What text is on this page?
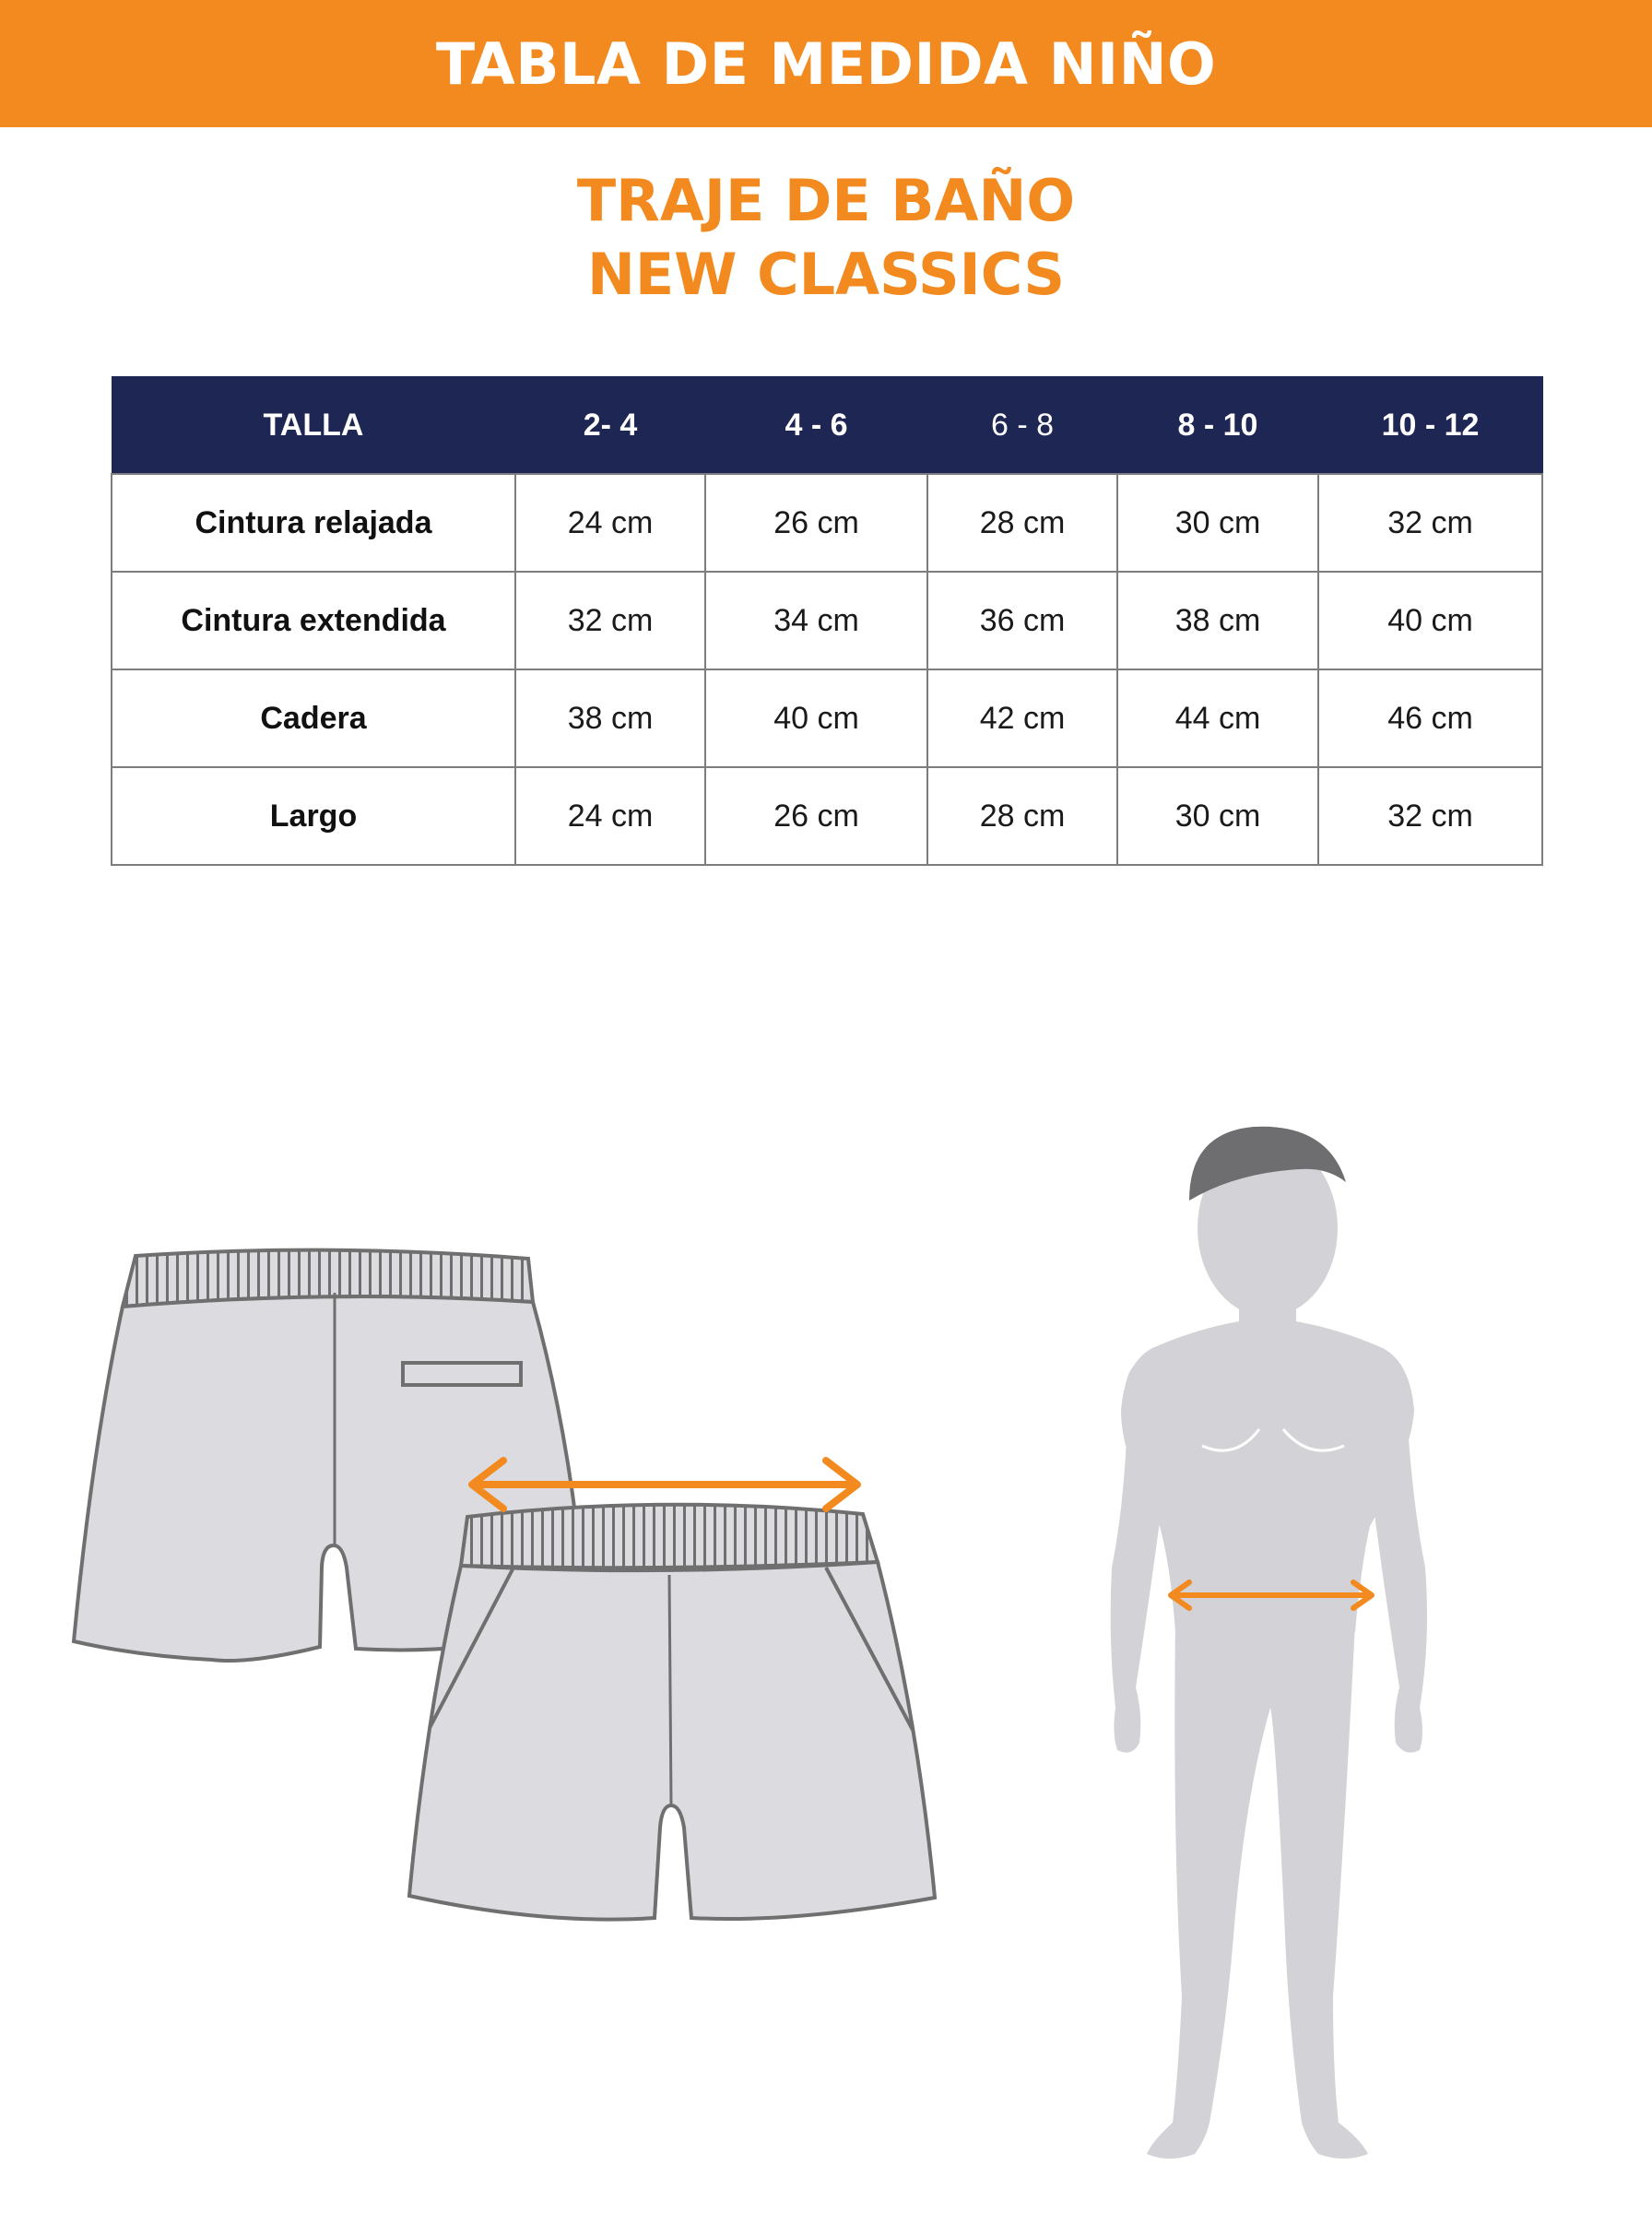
TABLA DE MEDIDA NIÑO
TRAJE DE BAÑO
NEW CLASSICS
TALLA	2- 4	4 - 6	6 - 8	8 - 10	10 - 12
Cintura relajada	24 cm	26 cm	28 cm	30 cm	32 cm
Cintura extendida	32 cm	34 cm	36 cm	38 cm	40 cm
Cadera	38 cm	40 cm	42 cm	44 cm	46 cm
Largo	24 cm	26 cm	28 cm	30 cm	32 cm
